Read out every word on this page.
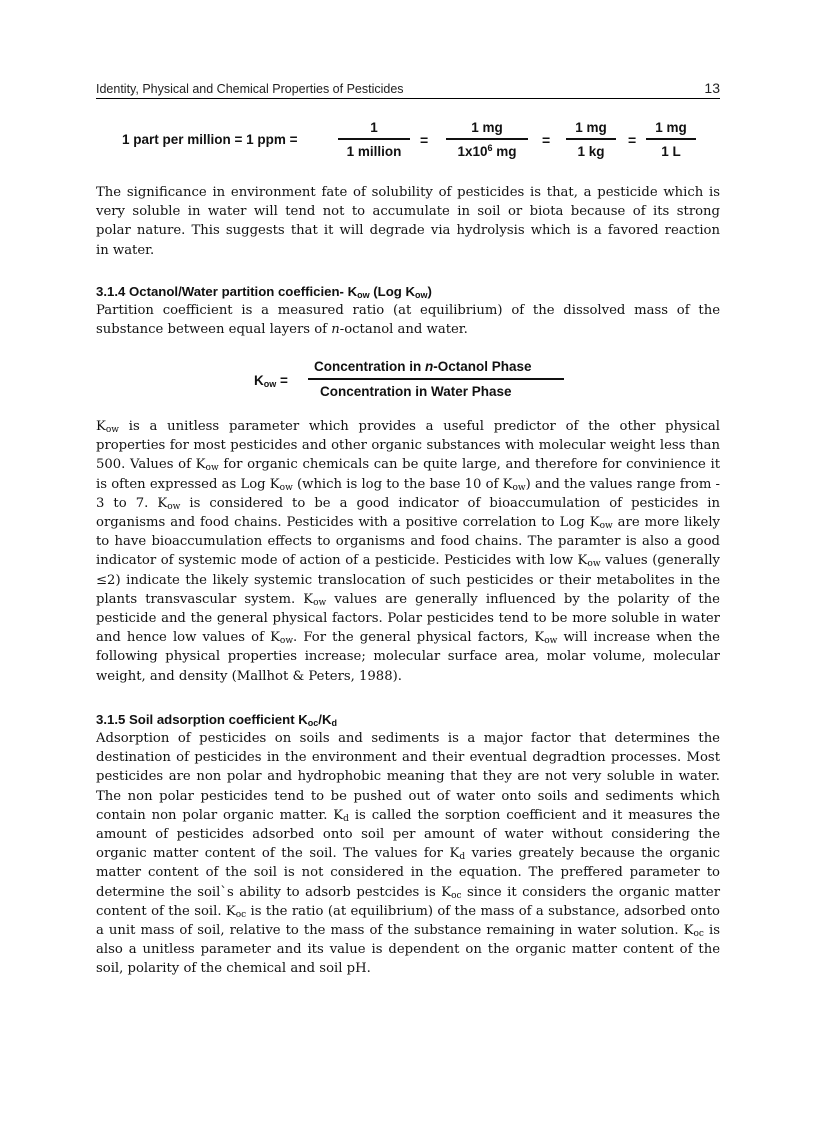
Identity, Physical and Chemical Properties of Pesticides	13
1 part per million = 1 ppm =
1
1 million
=
1 mg
$1x10^6$ mg
=
1 mg
1 kg
=
1 mg
1 L
The significance in environment fate of solubility of pesticides is that, a pesticide which is
very soluble in water will tend not to accumulate in soil or biota because of its strong
polar nature. This suggests that it will degrade via hydrolysis which is a favored reaction
in water.
3.1.4 Octanol/Water partition coefficien- $K_{ow}$ (Log $K_{ow}$)
Partition coefficient is a measured ratio (at equilibrium) of the dissolved mass of the
substance between equal layers of n-octanol and water.
$K_{ow}$ =
Concentration in n-Octanol Phase
Concentration in Water Phase
$K_{ow}$ is a unitless parameter which provides a useful predictor of the other physical
properties for most pesticides and other organic substances with molecular weight less than
500. Values of $K_{ow}$ for organic chemicals can be quite large, and therefore for convinience it
is often expressed as Log $K_{ow}$ (which is log to the base 10 of $K_{ow}$) and the values range from -
3 to 7. $K_{ow}$ is considered to be a good indicator of bioaccumulation of pesticides in
organisms and food chains. Pesticides with a positive correlation to Log $K_{ow}$ are more likely
to have bioaccumulation effects to organisms and food chains. The paramter is also a good
indicator of systemic mode of action of a pesticide. Pesticides with low $K_{ow}$ values (generally
≤2) indicate the likely systemic translocation of such pesticides or their metabolites in the
plants transvascular system. $K_{ow}$ values are generally influenced by the polarity of the
pesticide and the general physical factors. Polar pesticides tend to be more soluble in water
and hence low values of $K_{ow}$. For the general physical factors, $K_{ow}$ will increase when the
following physical properties increase; molecular surface area, molar volume, molecular
weight, and density (Mallhot & Peters, 1988).
3.1.5 Soil adsorption coefficient $K_{oc}/K_d$
Adsorption of pesticides on soils and sediments is a major factor that determines the
destination of pesticides in the environment and their eventual degradtion processes. Most
pesticides are non polar and hydrophobic meaning that they are not very soluble in water.
The non polar pesticides tend to be pushed out of water onto soils and sediments which
contain non polar organic matter. $K_d$ is called the sorption coefficient and it measures the
amount of pesticides adsorbed onto soil per amount of water without considering the
organic matter content of the soil. The values for $K_d$ varies greately because the organic
matter content of the soil is not considered in the equation. The preffered parameter to
determine the soil`s ability to adsorb pestcides is $K_{oc}$ since it considers the organic matter
content of the soil. $K_{oc}$ is the ratio (at equilibrium) of the mass of a substance, adsorbed onto
a unit mass of soil, relative to the mass of the substance remaining in water solution. $K_{oc}$ is
also a unitless parameter and its value is dependent on the organic matter content of the
soil, polarity of the chemical and soil pH.
